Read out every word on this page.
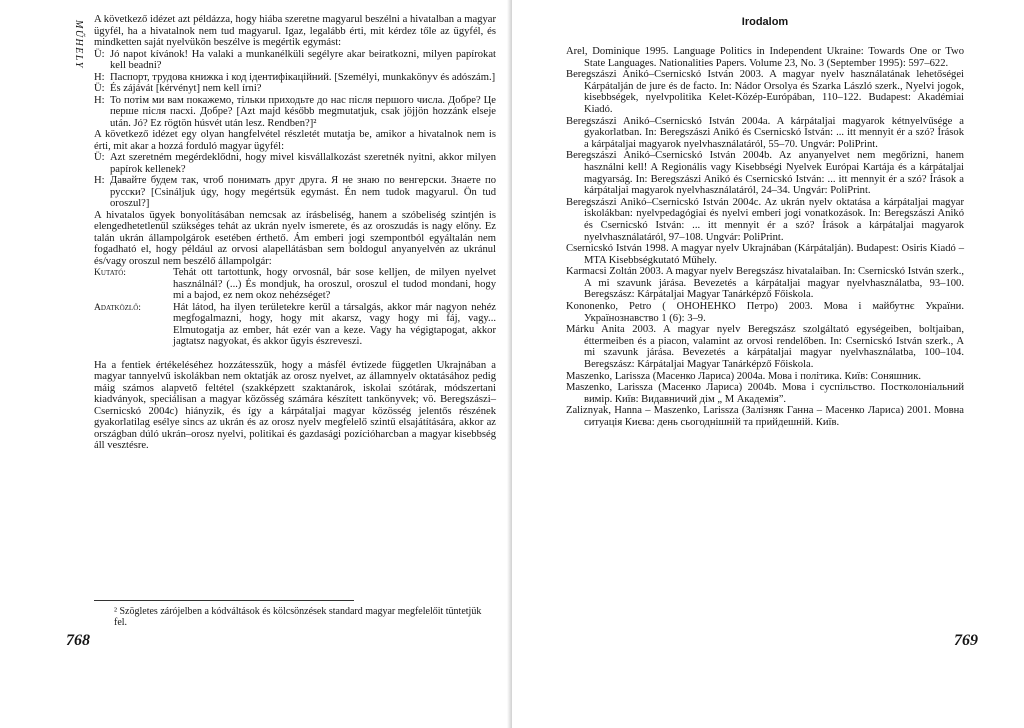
MŰHELY

A következő idézet azt példázza, hogy hiába szeretne magyarul beszélni a hivatalban a magyar ügyfél, ha a hivatalnok nem tud magyarul. Igaz, legalább érti, mit kérdez tőle az ügyfél, és mindketten saját nyelvükön beszélve is megértik egymást:

Ü: Jó napot kívánok! Ha valaki a munkanélküli segélyre akar beiratkozni, milyen papírokat kell beadni?
H: Паспорт, трудова книжка і код ідентифікаційний. [Személyi, munkakönyv és adószám.]
Ü: És zájávát [kérvényt] nem kell írni?
H: То потім ми вам покажемо, тільки приходьте до нас після першого числа. Добре? Це перше після пасхі. Добре? [Azt majd később megmutatjuk, csak jöjjön hozzánk elseje után. Jó? Ez rögtön húsvét után lesz. Rendben?]²

A következő idézet egy olyan hangfelvétel részletét mutatja be, amikor a hivatalnok nem is érti, mit akar a hozzá forduló magyar ügyfél:

Ü: Azt szeretném megérdeklődni, hogy mivel kisvállalkozást szeretnék nyitni, akkor milyen papírok kellenek?
H: Давайте будем так, чтоб понимать друг друга. Я не знаю по венгерски. Знаете по русски? [Csináljuk úgy, hogy megértsük egymást. Én nem tudok magyarul. Ön tud oroszul?]

A hivatalos ügyek bonyolításában nemcsak az írásbeliség, hanem a szóbeliség szintjén is elengedhetetlenül szükséges tehát az ukrán nyelv ismerete, és az oroszudás is nagy előny. Ez talán ukrán állampolgárok esetében érthető. Ám emberi jogi szempontból egyáltalán nem fogadható el, hogy például az orvosi alapellátásban sem boldogul anyanyelvén az ukránul és/vagy oroszul nem beszélő állampolgár:

Kutató:	Tehát ott tartottunk, hogy orvosnál, bár sose kelljen, de milyen nyelvet használnál? (...) És mondjuk, ha oroszul, oroszul el tudod mondani, hogy mi a bajod, ez nem okoz nehézséget?
Adatközlő:	Hát látod, ha ilyen területekre kerül a társalgás, akkor már nagyon nehéz megfogalmazni, hogy, hogy mit akarsz, vagy hogy mi fáj, vagy... Elmutogatja az ember, hát ezér van a keze. Vagy ha végigtapogat, akkor jagtatsz nagyokat, és akkor ügyis észreveszi.

Ha a fentiek értékeléséhez hozzátesszük, hogy a másfél évtizede független Ukrajnában a magyar tannyelvű iskolákban nem oktatják az orosz nyelvet, az államnyelv oktatásához pedig máig számos alapvető feltétel (szakképzett szaktanárok, iskolai szótárak, módszertani kiadványok, speciálisan a magyar közösség számára készített tankönyvek; vö. Beregszászi–Csernicskó 2004c) hiányzik, és így a kárpátaljai magyar közösség jelentős részének gyakorlatilag esélye sincs az ukrán és az orosz nyelv megfelelő szintű elsajátítására, akkor az országban dúló ukrán–orosz nyelvi, politikai és gazdasági pozícióharcban a magyar kisebbség áll vesztésre.

² Szögletes zárójelben a kódváltások és kölcsönzések standard magyar megfelelőit tüntetjük fel.
768
Irodalom

Arel, Dominique 1995. Language Politics in Independent Ukraine: Towards One or Two State Languages. Nationalities Papers. Volume 23, No. 3 (September 1995): 597–622.

Beregszászi Anikó–Csernicskó István 2003. A magyar nyelv használatának lehetőségei Kárpátalján de jure és de facto. In: Nádor Orsolya és Szarka László szerk., Nyelvi jogok, kisebbségek, nyelvpolitika Kelet-Közép-Európában, 110–122. Budapest: Akadémiai Kiadó.

Beregszászi Anikó–Csernicskó István 2004a. A kárpátaljai magyarok kétnyelvűsége a gyakorlatban. In: Beregszászi Anikó és Csernicskó István: ... itt mennyit ér a szó? Írások a kárpátaljai magyarok nyelvhasználatáról, 55–70. Ungvár: PoliPrint.

Beregszászi Anikó–Csernicskó István 2004b. Az anyanyelvet nem megőrizni, hanem használni kell! A Regionális vagy Kisebbségi Nyelvek Európai Kartája és a kárpátaljai magyarság. In: Beregszászi Anikó és Csernicskó István: ... itt mennyit ér a szó? Írások a kárpátaljai magyarok nyelvhasználatáról, 24–34. Ungvár: PoliPrint.

Beregszászi Anikó–Csernicskó István 2004c. Az ukrán nyelv oktatása a kárpátaljai magyar iskolákban: nyelvpedagógiai és nyelvi emberi jogi vonatkozások. In: Beregszászi Anikó és Csernicskó István: ... itt mennyit ér a szó? Írások a kárpátaljai magyarok nyelvhasználatáról, 97–108. Ungvár: PoliPrint.

Csernicskó István 1998. A magyar nyelv Ukrajnában (Kárpátalján). Budapest: Osiris Kiadó – MTA Kisebbségkutató Műhely.

Karmacsi Zoltán 2003. A magyar nyelv Beregszász hivatalaiban. In: Csernicskó István szerk., A mi szavunk járása. Bevezetés a kárpátaljai magyar nyelvhasználatba, 93–100. Beregszász: Kárpátaljai Magyar Tanárképző Főiskola.

Kononenko, Petro ( ОНОНЕНКО Петро) 2003. Мова і майбутнє України. Українознавство 1 (6): 3–9.

Márku Anita 2003. A magyar nyelv Beregszász szolgáltató egységeiben, boltjaiban, éttermeiben és a piacon, valamint az orvosi rendelőben. In: Csernicskó István szerk., A mi szavunk járása. Bevezetés a kárpátaljai magyar nyelvhasználatba, 100–104. Beregszász: Kárpátaljai Magyar Tanárképző Főiskola.

Maszenko, Larissza (Масенко Лариса) 2004a. Мова і політика. Київ: Соняшник.

Maszenko, Larissza (Масенко Лариса) 2004b. Мова і суспільство. Постколоніальний вимір. Київ: Видавничий дім „ М Академія”.

Zaliznyak, Hanna – Maszenko, Larissza (Залізняк Ганна – Масенко Лариса) 2001. Мовна ситуація Києва: день сьогоднішній та прийдешній. Київ.

769
